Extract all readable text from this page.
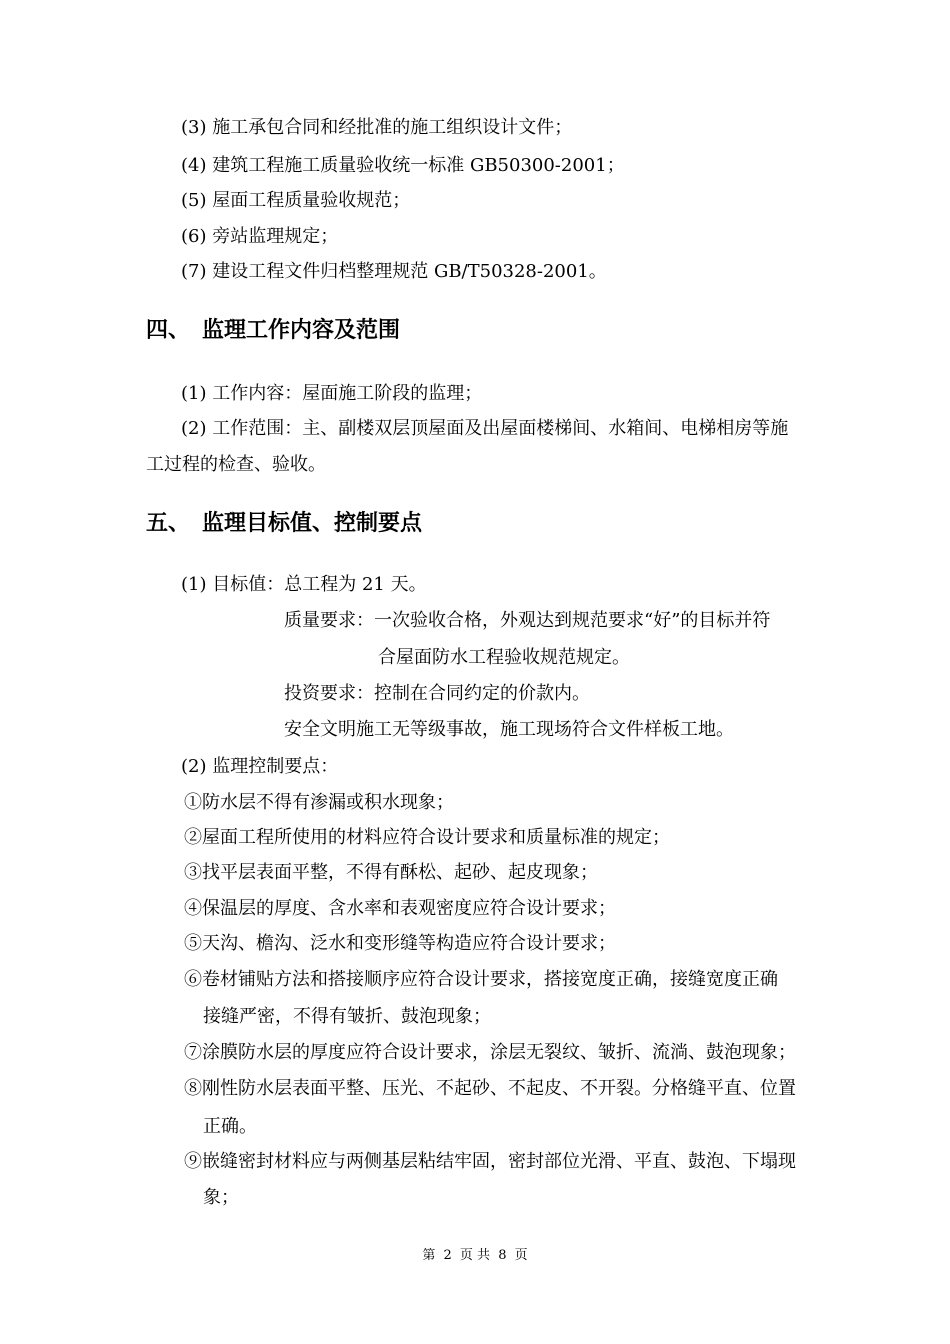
(3) 施工承包合同和经批准的施工组织设计文件；
(4) 建筑工程施工质量验收统一标准 GB50300-2001；
(5) 屋面工程质量验收规范；
(6) 旁站监理规定；
(7) 建设工程文件归档整理规范 GB/T50328-2001。
四、 监理工作内容及范围
(1) 工作内容：屋面施工阶段的监理；
(2) 工作范围：主、副楼双层顶屋面及出屋面楼梯间、水箱间、电梯相房等施
工过程的检查、验收。
五、 监理目标值、控制要点
(1) 目标值：总工程为 21 天。
质量要求：一次验收合格，外观达到规范要求“好”的目标并符
合屋面防水工程验收规范规定。
投资要求：控制在合同约定的价款内。
安全文明施工无等级事故，施工现场符合文件样板工地。
(2) 监理控制要点：
①防水层不得有渗漏或积水现象；
②屋面工程所使用的材料应符合设计要求和质量标准的规定；
③找平层表面平整，不得有酥松、起砂、起皮现象；
④保温层的厚度、含水率和表观密度应符合设计要求；
⑤天沟、檐沟、泛水和变形缝等构造应符合设计要求；
⑥卷材铺贴方法和搭接顺序应符合设计要求，搭接宽度正确，接缝宽度正确
接缝严密，不得有皱折、鼓泡现象；
⑦涂膜防水层的厚度应符合设计要求，涂层无裂纹、皱折、流淌、鼓泡现象；
⑧刚性防水层表面平整、压光、不起砂、不起皮、不开裂。分格缝平直、位置
正确。
⑨嵌缝密封材料应与两侧基层粘结牢固，密封部位光滑、平直、鼓泡、下塌现
象；
第 2 页 共 8 页
